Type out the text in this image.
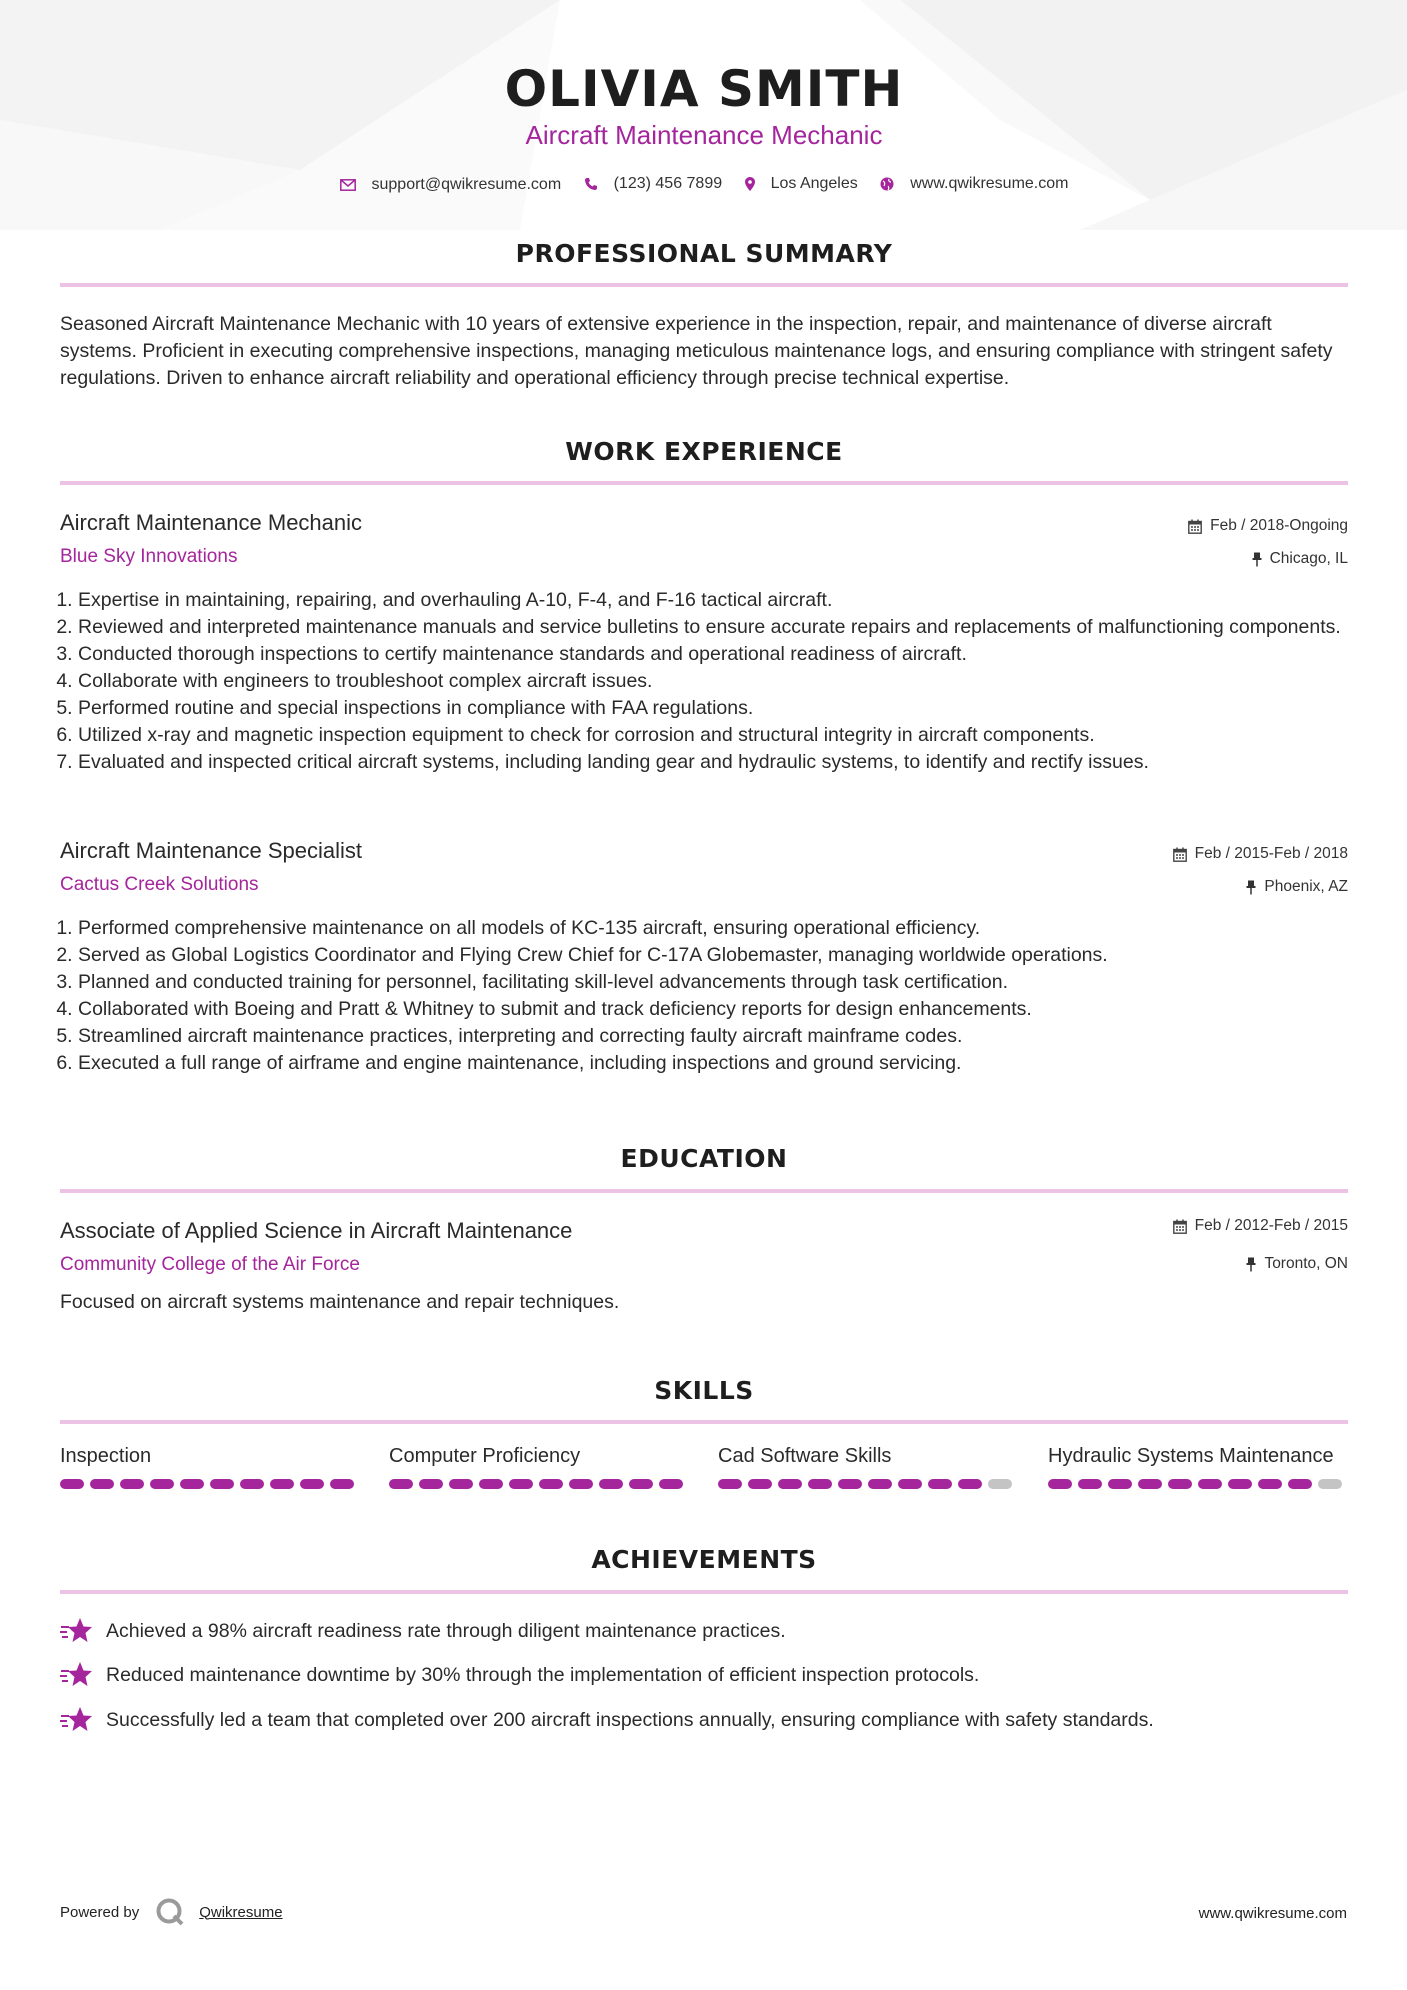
OLIVIA SMITH
Aircraft Maintenance Mechanic
support@qwikresume.com
	(123) 456 7899
	Los Angeles
	www.qwikresume.com
PROFESSIONAL SUMMARY
Seasoned Aircraft Maintenance Mechanic with 10 years of extensive experience in the inspection, repair, and maintenance of diverse aircraft systems. Proficient in executing comprehensive inspections, managing meticulous maintenance logs, and ensuring compliance with stringent safety regulations. Driven to enhance aircraft reliability and operational efficiency through precise technical expertise.
WORK EXPERIENCE
Aircraft Maintenance Mechanic
Blue Sky Innovations
Feb / 2018-Ongoing
Chicago, IL
1. Expertise in maintaining, repairing, and overhauling A-10, F-4, and F-16 tactical aircraft.
2. Reviewed and interpreted maintenance manuals and service bulletins to ensure accurate repairs and replacements of malfunctioning components.
3. Conducted thorough inspections to certify maintenance standards and operational readiness of aircraft.
4. Collaborate with engineers to troubleshoot complex aircraft issues.
5. Performed routine and special inspections in compliance with FAA regulations.
6. Utilized x-ray and magnetic inspection equipment to check for corrosion and structural integrity in aircraft components.
7. Evaluated and inspected critical aircraft systems, including landing gear and hydraulic systems, to identify and rectify issues.
Aircraft Maintenance Specialist
Cactus Creek Solutions
Feb / 2015-Feb / 2018
Phoenix, AZ
1. Performed comprehensive maintenance on all models of KC-135 aircraft, ensuring operational efficiency.
2. Served as Global Logistics Coordinator and Flying Crew Chief for C-17A Globemaster, managing worldwide operations.
3. Planned and conducted training for personnel, facilitating skill-level advancements through task certification.
4. Collaborated with Boeing and Pratt & Whitney to submit and track deficiency reports for design enhancements.
5. Streamlined aircraft maintenance practices, interpreting and correcting faulty aircraft mainframe codes.
6. Executed a full range of airframe and engine maintenance, including inspections and ground servicing.
EDUCATION
Associate of Applied Science in Aircraft Maintenance
Community College of the Air Force
Feb / 2012-Feb / 2015
Toronto, ON
Focused on aircraft systems maintenance and repair techniques.
SKILLS
Inspection	Computer Proficiency	Cad Software Skills	Hydraulic Systems Maintenance
ACHIEVEMENTS
Achieved a 98% aircraft readiness rate through diligent maintenance practices.
Reduced maintenance downtime by 30% through the implementation of efficient inspection protocols.
Successfully led a team that completed over 200 aircraft inspections annually, ensuring compliance with safety standards.
Powered by	Qwikresume	www.qwikresume.com
